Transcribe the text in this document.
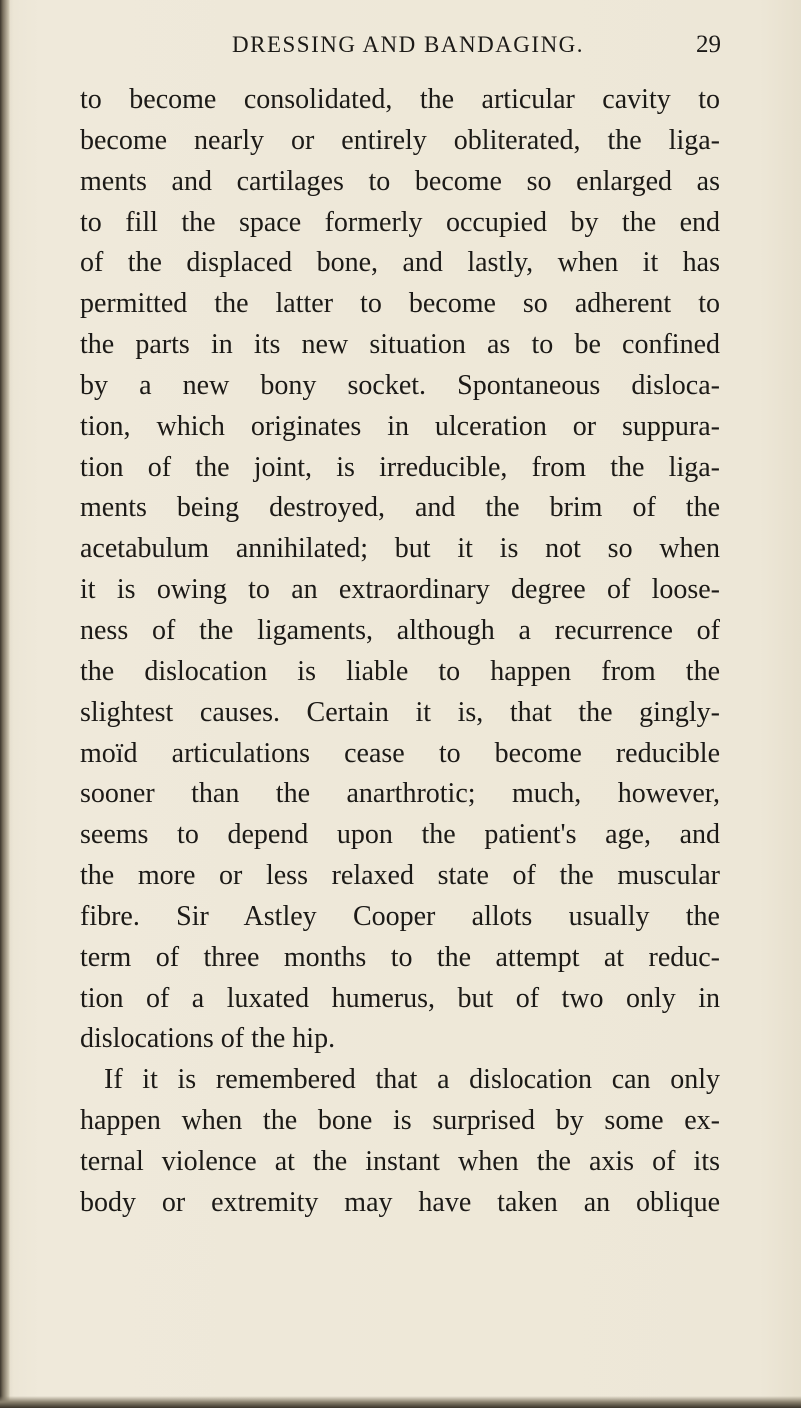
DRESSING AND BANDAGING.	29
to become consolidated, the articular cavity to
become nearly or entirely obliterated, the liga-
ments and cartilages to become so enlarged as
to fill the space formerly occupied by the end
of the displaced bone, and lastly, when it has
permitted the latter to become so adherent to
the parts in its new situation as to be confined
by a new bony socket. Spontaneous disloca-
tion, which originates in ulceration or suppura-
tion of the joint, is irreducible, from the liga-
ments being destroyed, and the brim of the
acetabulum annihilated; but it is not so when
it is owing to an extraordinary degree of loose-
ness of the ligaments, although a recurrence of
the dislocation is liable to happen from the
slightest causes. Certain it is, that the gingly-
moïd articulations cease to become reducible
sooner than the anarthrotic; much, however,
seems to depend upon the patient's age, and
the more or less relaxed state of the muscular
fibre. Sir Astley Cooper allots usually the
term of three months to the attempt at reduc-
tion of a luxated humerus, but of two only in
dislocations of the hip.
If it is remembered that a dislocation can only
happen when the bone is surprised by some ex-
ternal violence at the instant when the axis of its
body or extremity may have taken an oblique
